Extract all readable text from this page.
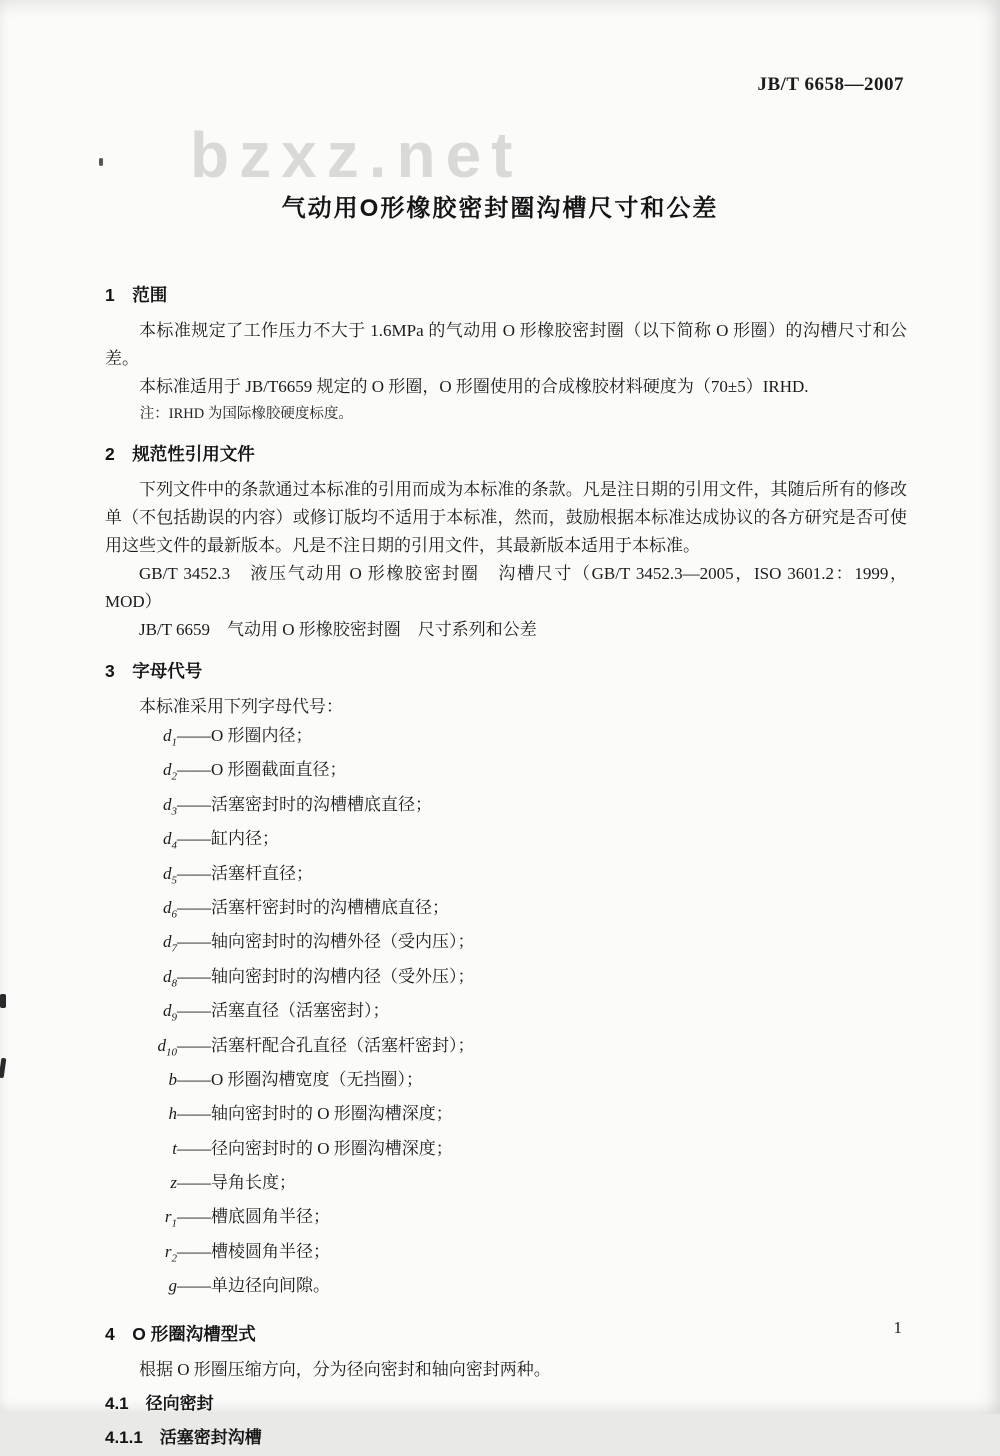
JB/T 6658—2007
bzxz.net
气动用O形橡胶密封圈沟槽尺寸和公差
1　范围

本标准规定了工作压力不大于 1.6MPa 的气动用 O 形橡胶密封圈（以下简称 O 形圈）的沟槽尺寸和公差。

本标准适用于 JB/T6659 规定的 O 形圈，O 形圈使用的合成橡胶材料硬度为（70±5）IRHD.

注：IRHD 为国际橡胶硬度标度。

2　规范性引用文件

下列文件中的条款通过本标准的引用而成为本标准的条款。凡是注日期的引用文件，其随后所有的修改单（不包括勘误的内容）或修订版均不适用于本标准，然而，鼓励根据本标准达成协议的各方研究是否可使用这些文件的最新版本。凡是不注日期的引用文件，其最新版本适用于本标准。

GB/T 3452.3　液压气动用 O 形橡胶密封圈　沟槽尺寸（GB/T 3452.3—2005，ISO 3601.2：1999，MOD）

JB/T 6659　气动用 O 形橡胶密封圈　尺寸系列和公差

3　字母代号

本标准采用下列字母代号：

$d_1——O$ 形圈内径；
$d_2——O$ 形圈截面直径；
$d_3——$活塞密封时的沟槽槽底直径；
$d_4——$缸内径；
$d_5——$活塞杆直径；
$d_6——$活塞杆密封时的沟槽槽底直径；
$d_7——$轴向密封时的沟槽外径（受内压）；
$d_8——$轴向密封时的沟槽内径（受外压）；
$d_9——$活塞直径（活塞密封）；
$d_{10}——$活塞杆配合孔直径（活塞杆密封）；
b——O 形圈沟槽宽度（无挡圈）；
h——轴向密封时的 O 形圈沟槽深度；
t——径向密封时的 O 形圈沟槽深度；
z——导角长度；
$r_1——$槽底圆角半径；
$r_2——$槽棱圆角半径；
g——单边径向间隙。
4　O 形圈沟槽型式

根据 O 形圈压缩方向，分为径向密封和轴向密封两种。

4.1　径向密封
4.1.1　活塞密封沟槽
1
